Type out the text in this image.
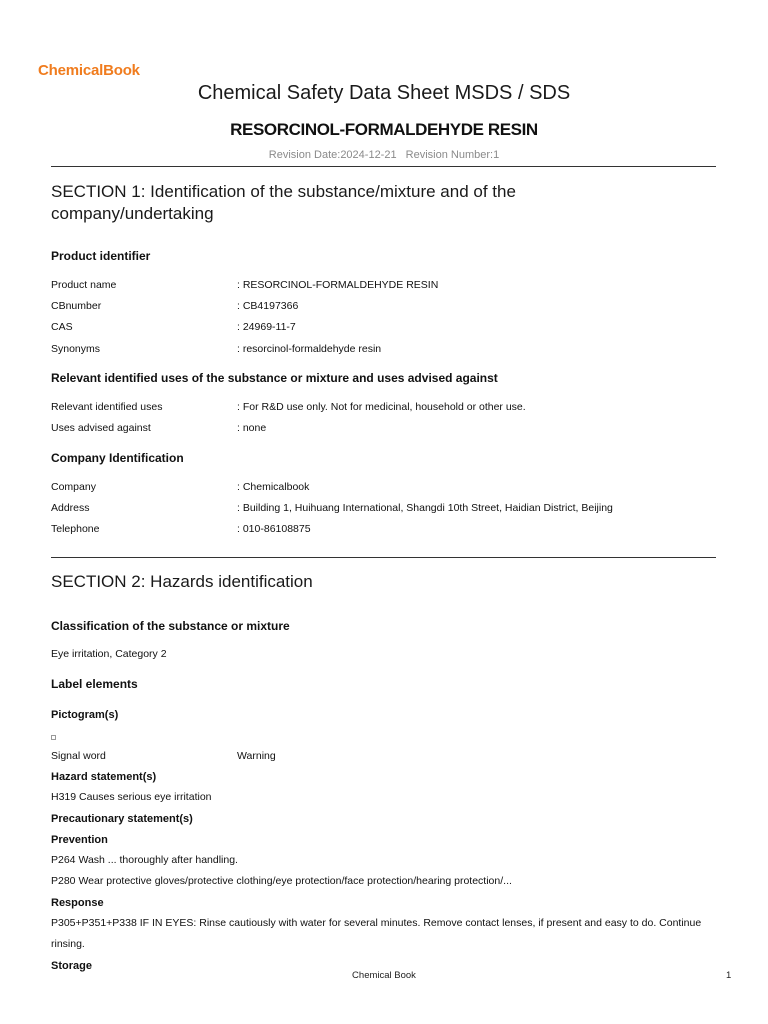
ChemicalBook
Chemical Safety Data Sheet MSDS / SDS
RESORCINOL-FORMALDEHYDE RESIN
Revision Date:2024-12-21 Revision Number:1
SECTION 1: Identification of the substance/mixture and of the company/undertaking
Product identifier
Product name	: RESORCINOL-FORMALDEHYDE RESIN
CBnumber	: CB4197366
CAS	: 24969-11-7
Synonyms	: resorcinol-formaldehyde resin
Relevant identified uses of the substance or mixture and uses advised against
Relevant identified uses	: For R&D use only. Not for medicinal, household or other use.
Uses advised against	: none
Company Identification
Company	: Chemicalbook
Address	: Building 1, Huihuang International, Shangdi 10th Street, Haidian District, Beijing
Telephone	: 010-86108875
SECTION 2: Hazards identification
Classification of the substance or mixture
Eye irritation, Category 2
Label elements
Pictogram(s)
Signal word	Warning
Hazard statement(s)
H319 Causes serious eye irritation
Precautionary statement(s)
Prevention
P264 Wash ... thoroughly after handling.
P280 Wear protective gloves/protective clothing/eye protection/face protection/hearing protection/...
Response
P305+P351+P338 IF IN EYES: Rinse cautiously with water for several minutes. Remove contact lenses, if present and easy to do. Continue rinsing.
Storage
Chemical Book	1
